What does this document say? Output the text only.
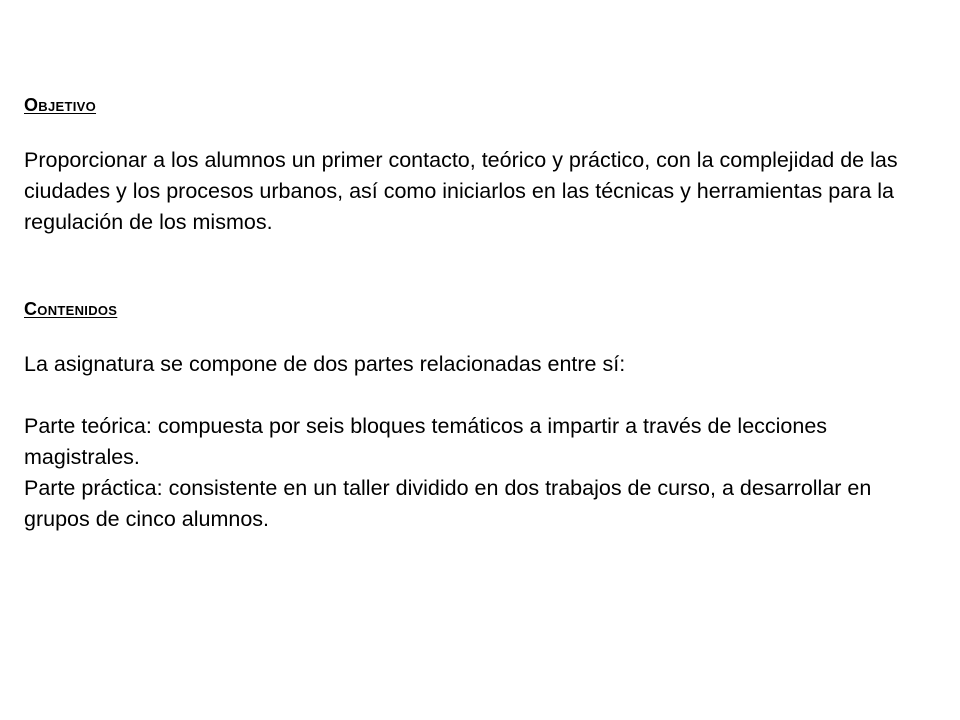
Objetivo

Proporcionar a los alumnos un primer contacto, teórico y práctico, con la complejidad de las ciudades y los procesos urbanos, así como iniciarlos en las técnicas y herramientas para la regulación de los mismos.

Contenidos

La asignatura se compone de dos partes relacionadas entre sí:

Parte teórica: compuesta por seis bloques temáticos a impartir a través de lecciones magistrales.

Parte práctica: consistente en un taller dividido en dos trabajos de curso, a desarrollar en grupos de cinco alumnos.
